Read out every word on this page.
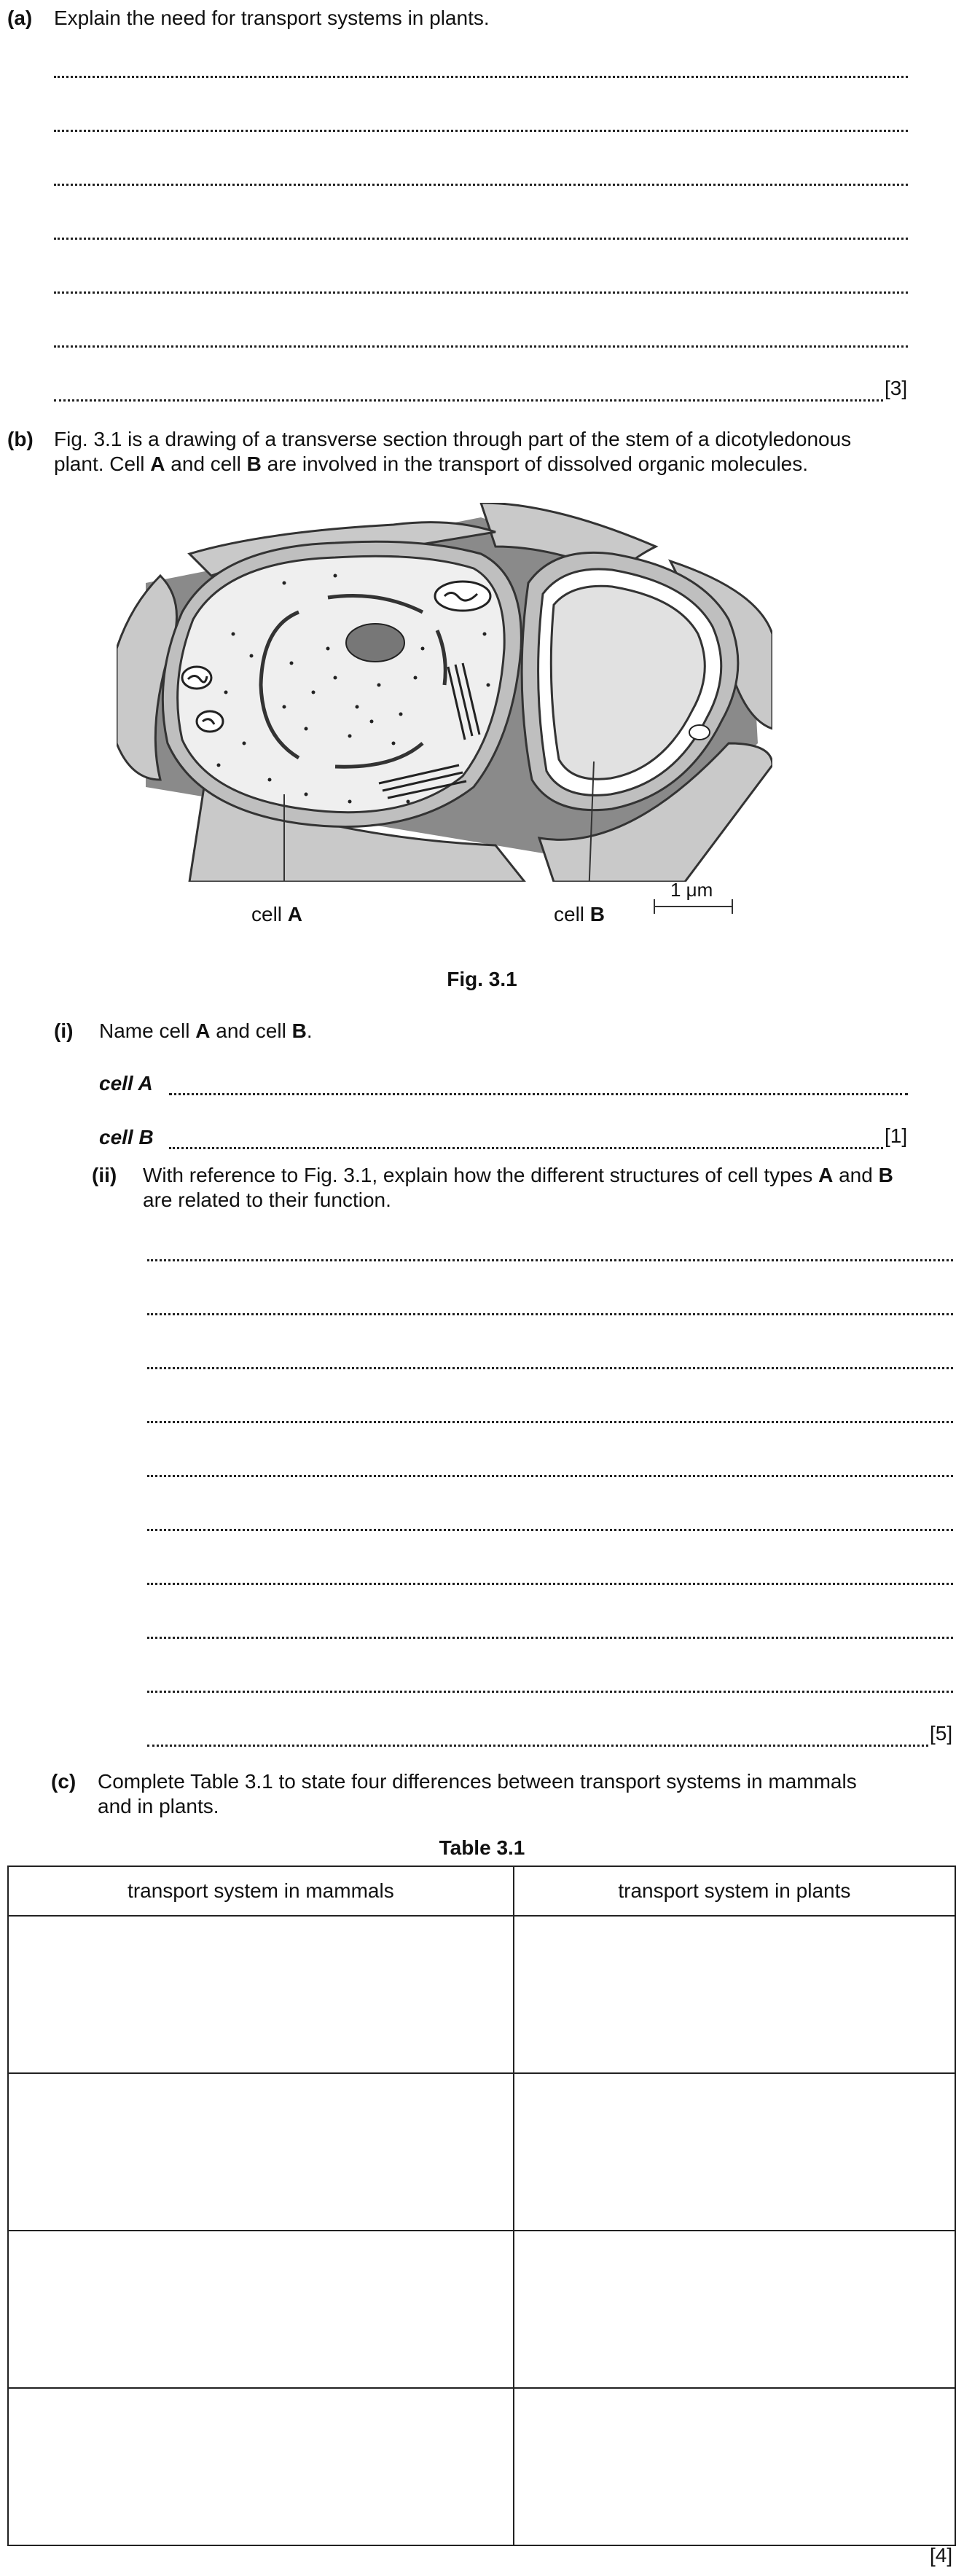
(a) Explain the need for transport systems in plants.
[3]
(b) Fig. 3.1 is a drawing of a transverse section through part of the stem of a dicotyledonous
plant. Cell A and cell B are involved in the transport of dissolved organic molecules.
cell A	cell B
1 μm
Fig. 3.1
(i) Name cell A and cell B.
cell A
cell B	[1]
(ii) With reference to Fig. 3.1, explain how the different structures of cell types A and B
are related to their function.
[5]
(c) Complete Table 3.1 to state four differences between transport systems in mammals
and in plants.
Table 3.1
transport system in mammals	transport system in plants

[4]
